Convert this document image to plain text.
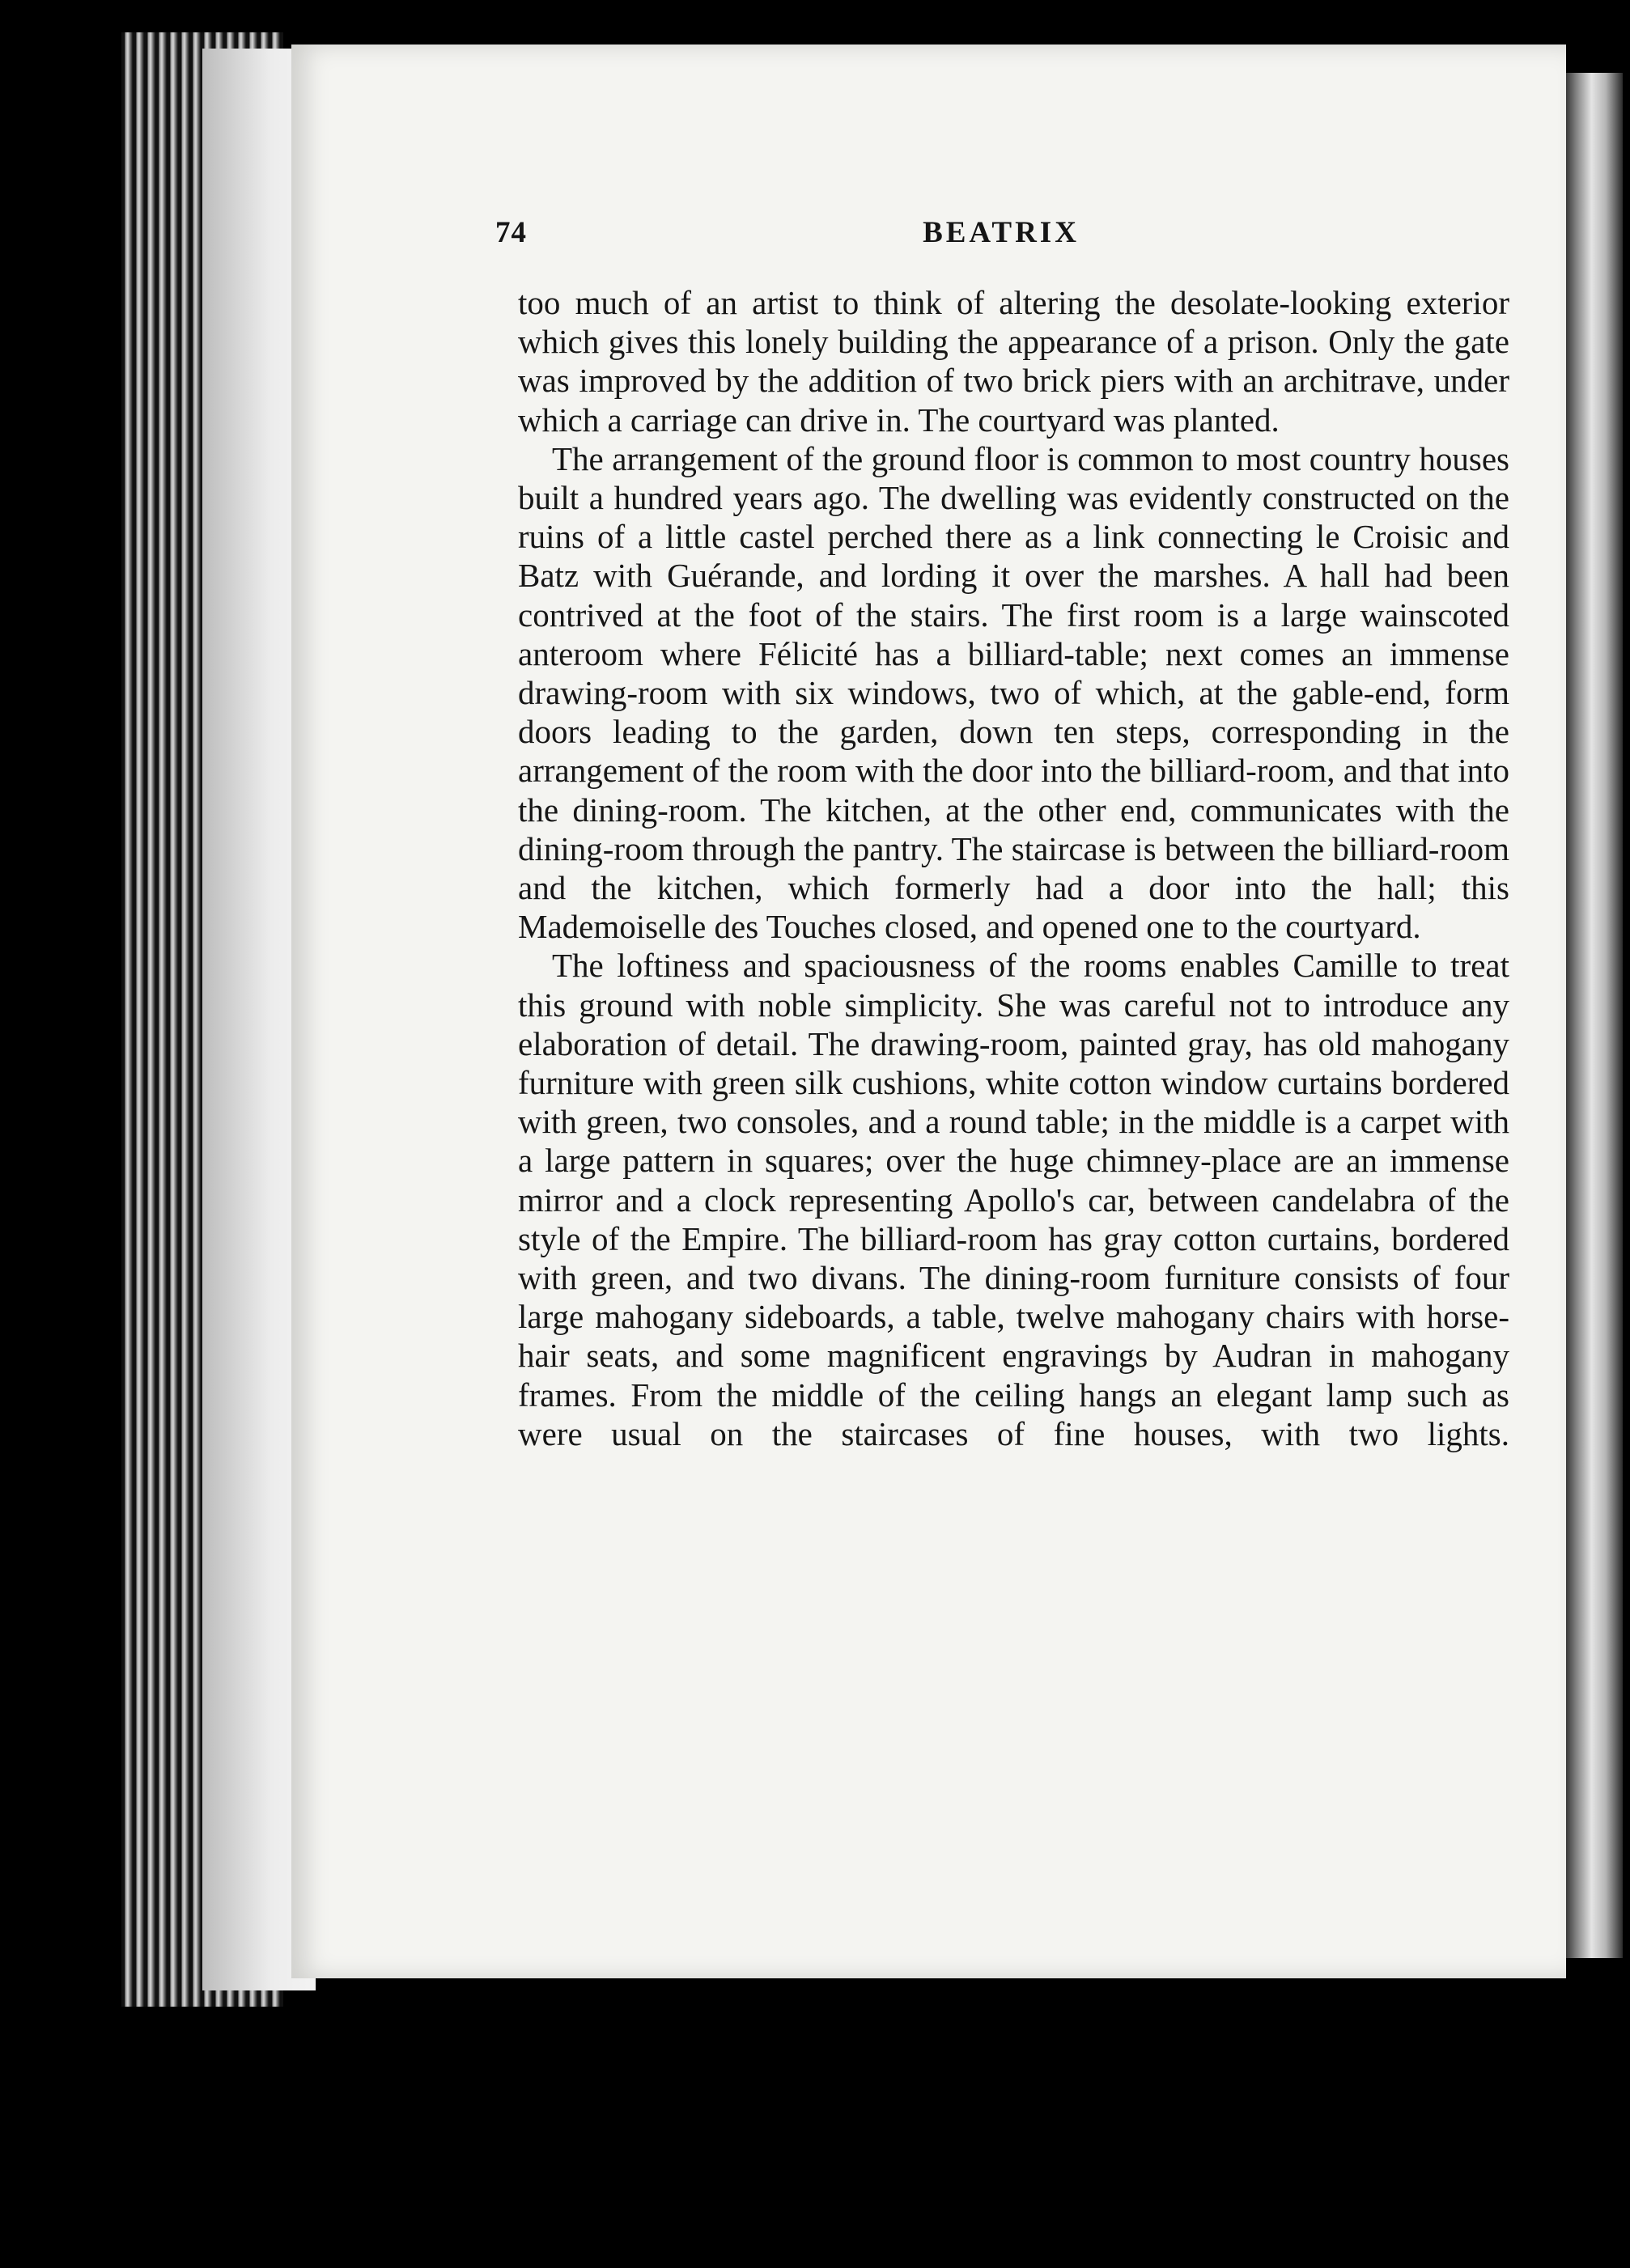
74	BEATRIX

too much of an artist to think of altering the desolate-looking exterior which gives this lonely building the appearance of a prison. Only the gate was improved by the addition of two brick piers with an architrave, under which a carriage can drive in. The courtyard was planted.

The arrangement of the ground floor is common to most country houses built a hundred years ago. The dwelling was evidently constructed on the ruins of a little castel perched there as a link connecting le Croisic and Batz with Guérande, and lording it over the marshes. A hall had been contrived at the foot of the stairs. The first room is a large wainscoted anteroom where Félicité has a billiard-table; next comes an immense drawing-room with six windows, two of which, at the gable-end, form doors leading to the garden, down ten steps, corresponding in the arrangement of the room with the door into the billiard-room, and that into the dining-room. The kitchen, at the other end, communicates with the dining-room through the pantry. The staircase is between the billiard-room and the kitchen, which formerly had a door into the hall; this Mademoiselle des Touches closed, and opened one to the courtyard.

The loftiness and spaciousness of the rooms enables Camille to treat this ground with noble simplicity. She was careful not to introduce any elaboration of detail. The drawing-room, painted gray, has old mahogany furniture with green silk cushions, white cotton window curtains bordered with green, two consoles, and a round table; in the middle is a carpet with a large pattern in squares; over the huge chimney-place are an immense mirror and a clock representing Apollo's car, between candelabra of the style of the Empire. The billiard-room has gray cotton curtains, bordered with green, and two divans. The dining-room furniture consists of four large mahogany sideboards, a table, twelve mahogany chairs with horse-hair seats, and some magnificent engravings by Audran in mahogany frames. From the middle of the ceiling hangs an elegant lamp such as were usual on the staircases of fine houses, with two lights.
